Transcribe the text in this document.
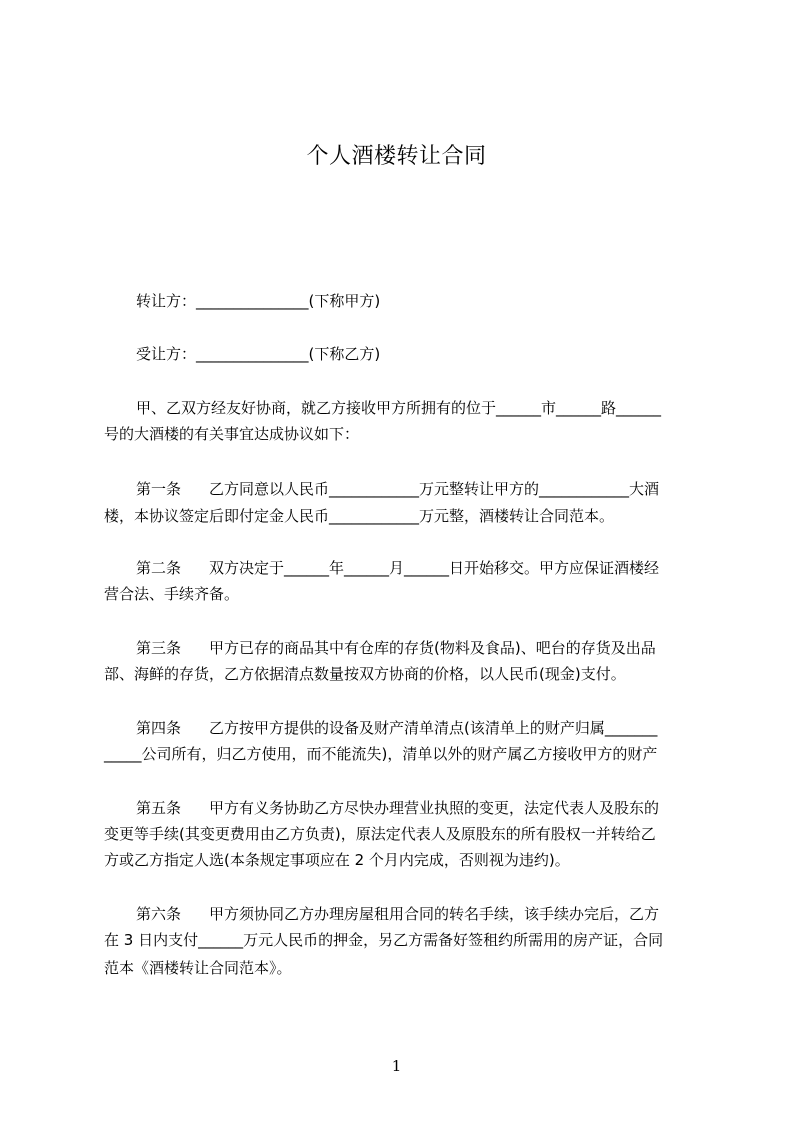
个人酒楼转让合同
转让方：_______________(下称甲方)
受让方：_______________(下称乙方)
甲、乙双方经友好协商，就乙方接收甲方所拥有的位于______市______路______
号的大酒楼的有关事宜达成协议如下：
第一条 乙方同意以人民币____________万元整转让甲方的____________大酒
楼，本协议签定后即付定金人民币____________万元整，酒楼转让合同范本。
第二条 双方决定于______年______月______日开始移交。甲方应保证酒楼经
营合法、手续齐备。
第三条 甲方已存的商品其中有仓库的存货(物料及食品)、吧台的存货及出品
部、海鲜的存货，乙方依据清点数量按双方协商的价格，以人民币(现金)支付。
第四条 乙方按甲方提供的设备及财产清单清点(该清单上的财产归属_______
_____公司所有，归乙方使用，而不能流失)，清单以外的财产属乙方接收甲方的财产
第五条 甲方有义务协助乙方尽快办理营业执照的变更，法定代表人及股东的
变更等手续(其变更费用由乙方负责)，原法定代表人及原股东的所有股权一并转给乙
方或乙方指定人选(本条规定事项应在 2 个月内完成，否则视为违约)。
第六条 甲方须协同乙方办理房屋租用合同的转名手续，该手续办完后，乙方
在 3 日内支付______万元人民币的押金，另乙方需备好签租约所需用的房产证，合同
范本《酒楼转让合同范本》。
1
